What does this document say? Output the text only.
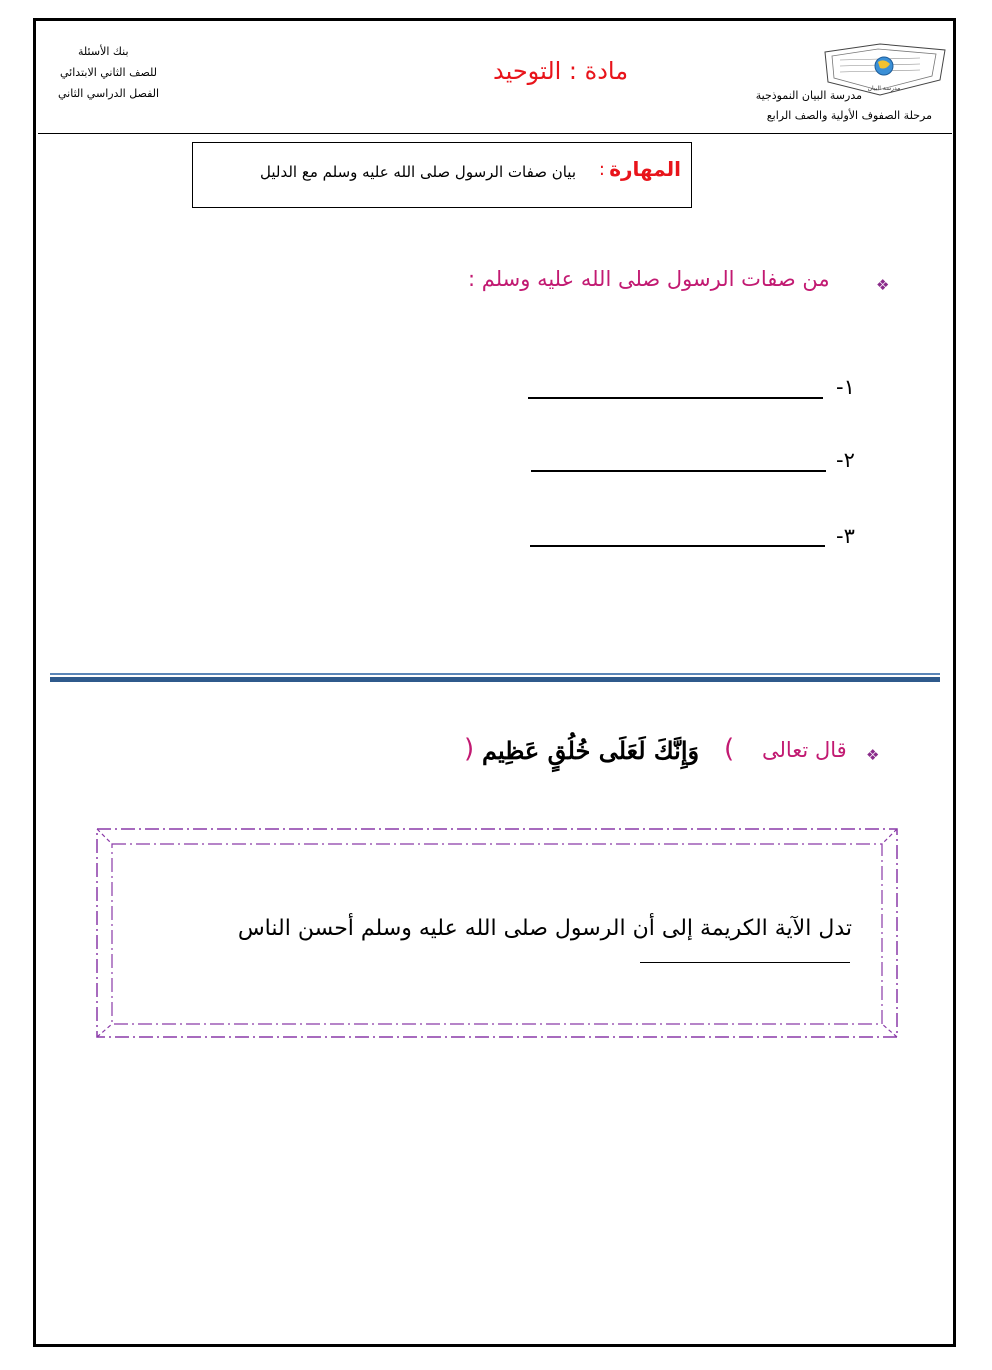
مدرسة البيان
مدرسة البيان النموذجية
مرحلة الصفوف الأولية والصف الرابع
مادة : التوحيد
بنك الأسئلة
للصف الثاني الابتدائي
الفصل الدراسي الثاني
المهارة
:
بيان صفات الرسول صلى الله عليه وسلم مع الدليل
❖
من صفات الرسول صلى الله عليه وسلم :
١-
٢-
٣-
❖
قال تعالى
(
وَإِنَّكَ لَعَلَى خُلُقٍ عَظِيم
)
تدل الآية الكريمة إلى أن الرسول صلى الله عليه وسلم أحسن الناس
